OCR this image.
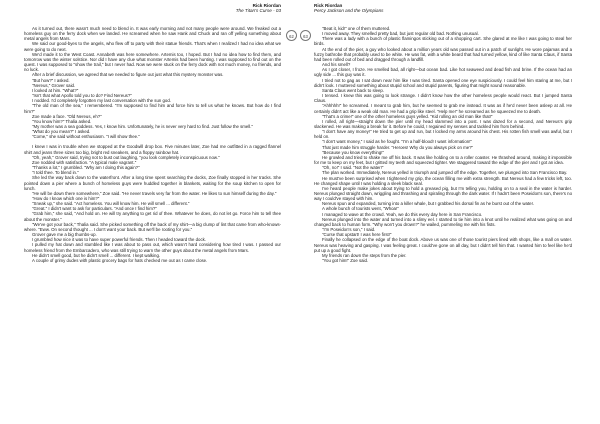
Rick Riordan
The Titan's Curse - 03

As it turned out, there wasn't much need to blend in. It was early morning and not many people were around. We freaked out a homeless guy on the ferry dock when we landed. He screamed when he saw Hank and Chuck and ran off yelling something about metal angels from Mars.

We said our good-byes to the angels, who flew off to party with their statue friends. That's when I realized I had no idea what we were going to do next.

We'd made it to the West Coast. Annabeth was here somewhere. Artemis too, I hoped. But I had no idea how to find them, and tomorrow was the winter solstice. Nor did I have any clue what monster Artemis had been hunting. I was supposed to find out on the quest. I was supposed to "show the trail," but I never had. Now we were stuck on the ferry dock with not much money, no friends, and no luck.

After a brief discussion, we agreed that we needed to figure out just what this mystery monster was.

"But how?" I asked.

"Nereus," Grover said.

I looked at him. "What?"

"Isn't that what Apollo told you to do? Find Nereus?"

I nodded. I'd completely forgotten my last conversation with the sun god.

"The old man of the sea," I remembered. "I'm supposed to find him and force him to tell us what he knows. But how do I find him?"

Zoe made a face. "Old Nereus, eh?"

"You know him?" Thalia asked.

"My mother was a sea goddess. Yes, I know him. Unfortunately, he is never very hard to find. Just follow the smell."

"What do you mean?" I asked.

"Come," she said without enthusiasm. "I will show thee."

I knew I was in trouble when we stopped at the Goodwill drop box. Five minutes later, Zoe had me outfitted in a ragged flannel shirt and jeans three sizes too big, bright red sneakers, and a floppy rainbow hat.

"Oh, yeah," Grover said, trying not to bust out laughing, "you look completely inconspicuous now."

Zoe nodded with satisfaction. "A typical male vagrant."

"Thanks a lot," I grumbled. "Why am I doing this again?"

"I told thee. To blend in."

She led the way back down to the waterfront. After a long time spent searching the docks, Zoe finally stopped in her tracks. She pointed down a pier where a bunch of homeless guys were huddled together in blankets, waiting for the soup kitchen to open for lunch.

"He will be down there somewhere," Zoe said. "He never travels very far from the water. He likes to sun himself during the day."

"How do I know which one is him?"

"Sneak up," she said. "Act homeless. You will know him. He will smell ... different."

"Great." I didn't want to ask for particulars. "And once I find him?"

"Grab him," she said, "And hold on. He will try anything to get rid of thee. Whatever he does, do not let go. Force him to tell thee about the monster."

"We've got your back," Thalia said. She picked something off the back of my shirt—a big clump of lint that came from who-knows-where. "Eww. On second thought ... I don't want your back. But we'll be rooting for you."

Grover gave me a big thumbs-up.

I grumbled how nice it was to have super powerful friends. Then I headed toward the dock.

I pulled my hat down and stumbled like I was about to pass out, which wasn't hard considering how tired I was. I passed our homeless friend from the Embarcadero, who was still trying to warn the other guys about the metal angels from Mars.

He didn't smell good, but he didn't smell ... different. I kept walking.

A couple of grimy dudes with plastic grocery bags for hats checked me out as I came close.

62	63
Rick Riordan
Percy Jackson and the Olympians

"Beat it, kid!" one of them muttered.

I moved away. They smelled pretty bad, but just regular old bad. Nothing unusual.

There was a lady with a bunch of plastic flamingos sticking out of a shopping cart. She glared at me like I was going to steal her birds.

At the end of the pier, a guy who looked about a million years old was passed out in a patch of sunlight. He wore pajamas and a fuzzy bathrobe that probably used to be white. He was fat, with a white beard that had turned yellow, kind of like Santa Claus, if Santa had been rolled out of bed and dragged through a landfill.

And his smell?

As I got closer, I froze. He smelled bad, all right—but ocean bad. Like hot seaweed and dead fish and brine. If the ocean had an ugly side ... this guy was it.

I tried not to gag as I sat down near him like I was tired. Santa opened one eye suspiciously. I could feel him staring at me, but I didn't look. I muttered something about stupid school and stupid parents, figuring that might sound reasonable.

Santa Claus went back to sleep.

I tensed. I knew this was going to look strange. I didn't know how the other homeless people would react. But I jumped Santa Claus.

"Ahhhhh!" he screamed. I meant to grab him, but he seemed to grab me instead. It was as if he'd never been asleep at all. He certainly didn't act like a weak old man. He had a grip like steel. "Help me!" he screamed as he squeezed me to death.

"That's a crime!" one of the other homeless guys yelled. "Kid rolling an old man like that!"

I rolled, all right—straight down the pier until my head slammed into a post. I was dazed for a second, and Nereus's grip slackened. He was making a break for it. Before he could, I regained my senses and tackled him from behind.

"I don't have any money!" He tried to get up and run, but I locked my arms around his chest. His rotten fish smell was awful, but I held on.

"I don't want money," I said as he fought. "I'm a half-blood! I want information!"

That just made him struggle harder. "Heroes! Why do you always pick on me?"

"Because you know everything!"

He growled and tried to shake me off his back. It was like holding on to a roller coaster. He thrashed around, making it impossible for me to keep on my feet, but I gritted my teeth and squeezed tighter. We staggered toward the edge of the pier and I got an idea.

"Oh, no!" I said. "Not the water!"

The plan worked. Immediately, Nereus yelled in triumph and jumped off the edge. Together, we plunged into San Francisco Bay.

He must've been surprised when I tightened my grip, the ocean filling me with extra strength. But Nereus had a few tricks left, too. He changed shape until I was holding a sleek black seal.

I've heard people make jokes about trying to hold a greased pig, but I'm telling you, holding on to a seal in the water is harder. Nereus plunged straight down, wriggling and thrashing and spiraling through the dark water. If I hadn't been Poseidon's son, there's no way I could've stayed with him.

Nereus spun and expanded, turning into a killer whale, but I grabbed his dorsal fin as he burst out of the water.

A whole bunch of tourists went, "Whoa!"

I managed to wave at the crowd. Yeah, we do this every day here in San Francisco.

Nereus plunged into the water and turned into a slimy eel. I started to tie him into a knot until he realized what was going on and changed back to human form. "Why won't you drown?" he wailed, pummeling me with his fists.

"I'm Poseidon's son," I said.

"Curse that upstart! I was here first!"

Finally he collapsed on the edge of the boat dock. Above us was one of those tourist piers lined with shops, like a mall on water. Nereus was heaving and gasping. I was feeling great. I could've gone on all day, but I didn't tell him that. I wanted him to feel like he'd put up a good fight.

My friends ran down the steps from the pier.

"You got him!" Zoe said.
